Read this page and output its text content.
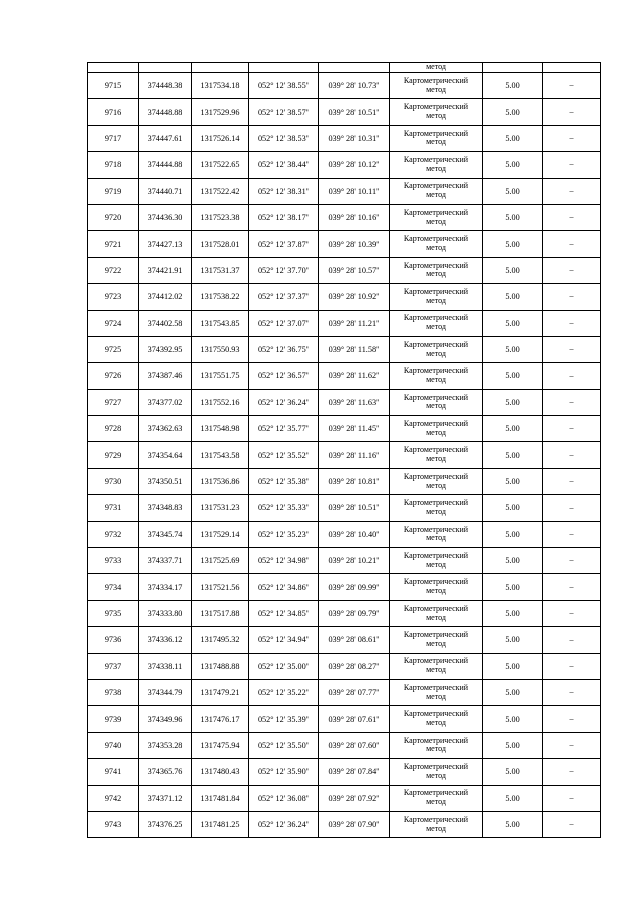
					метод		
9715	374448.38	1317534.18	052° 12' 38.55"	039° 28' 10.73"	Картометрический
метод	5.00	–
9716	374448.88	1317529.96	052° 12' 38.57"	039° 28' 10.51"	Картометрический
метод	5.00	–
9717	374447.61	1317526.14	052° 12' 38.53"	039° 28' 10.31"	Картометрический
метод	5.00	–
9718	374444.88	1317522.65	052° 12' 38.44"	039° 28' 10.12"	Картометрический
метод	5.00	–
9719	374440.71	1317522.42	052° 12' 38.31"	039° 28' 10.11"	Картометрический
метод	5.00	–
9720	374436.30	1317523.38	052° 12' 38.17"	039° 28' 10.16"	Картометрический
метод	5.00	–
9721	374427.13	1317528.01	052° 12' 37.87"	039° 28' 10.39"	Картометрический
метод	5.00	–
9722	374421.91	1317531.37	052° 12' 37.70"	039° 28' 10.57"	Картометрический
метод	5.00	–
9723	374412.02	1317538.22	052° 12' 37.37"	039° 28' 10.92"	Картометрический
метод	5.00	–
9724	374402.58	1317543.85	052° 12' 37.07"	039° 28' 11.21"	Картометрический
метод	5.00	–
9725	374392.95	1317550.93	052° 12' 36.75"	039° 28' 11.58"	Картометрический
метод	5.00	–
9726	374387.46	1317551.75	052° 12' 36.57"	039° 28' 11.62"	Картометрический
метод	5.00	–
9727	374377.02	1317552.16	052° 12' 36.24"	039° 28' 11.63"	Картометрический
метод	5.00	–
9728	374362.63	1317548.98	052° 12' 35.77"	039° 28' 11.45"	Картометрический
метод	5.00	–
9729	374354.64	1317543.58	052° 12' 35.52"	039° 28' 11.16"	Картометрический
метод	5.00	–
9730	374350.51	1317536.86	052° 12' 35.38"	039° 28' 10.81"	Картометрический
метод	5.00	–
9731	374348.83	1317531.23	052° 12' 35.33"	039° 28' 10.51"	Картометрический
метод	5.00	–
9732	374345.74	1317529.14	052° 12' 35.23"	039° 28' 10.40"	Картометрический
метод	5.00	–
9733	374337.71	1317525.69	052° 12' 34.98"	039° 28' 10.21"	Картометрический
метод	5.00	–
9734	374334.17	1317521.56	052° 12' 34.86"	039° 28' 09.99"	Картометрический
метод	5.00	–
9735	374333.80	1317517.88	052° 12' 34.85"	039° 28' 09.79"	Картометрический
метод	5.00	–
9736	374336.12	1317495.32	052° 12' 34.94"	039° 28' 08.61"	Картометрический
метод	5.00	–
9737	374338.11	1317488.88	052° 12' 35.00"	039° 28' 08.27"	Картометрический
метод	5.00	–
9738	374344.79	1317479.21	052° 12' 35.22"	039° 28' 07.77"	Картометрический
метод	5.00	–
9739	374349.96	1317476.17	052° 12' 35.39"	039° 28' 07.61"	Картометрический
метод	5.00	–
9740	374353.28	1317475.94	052° 12' 35.50"	039° 28' 07.60"	Картометрический
метод	5.00	–
9741	374365.76	1317480.43	052° 12' 35.90"	039° 28' 07.84"	Картометрический
метод	5.00	–
9742	374371.12	1317481.84	052° 12' 36.08"	039° 28' 07.92"	Картометрический
метод	5.00	–
9743	374376.25	1317481.25	052° 12' 36.24"	039° 28' 07.90"	Картометрический
метод	5.00	–
